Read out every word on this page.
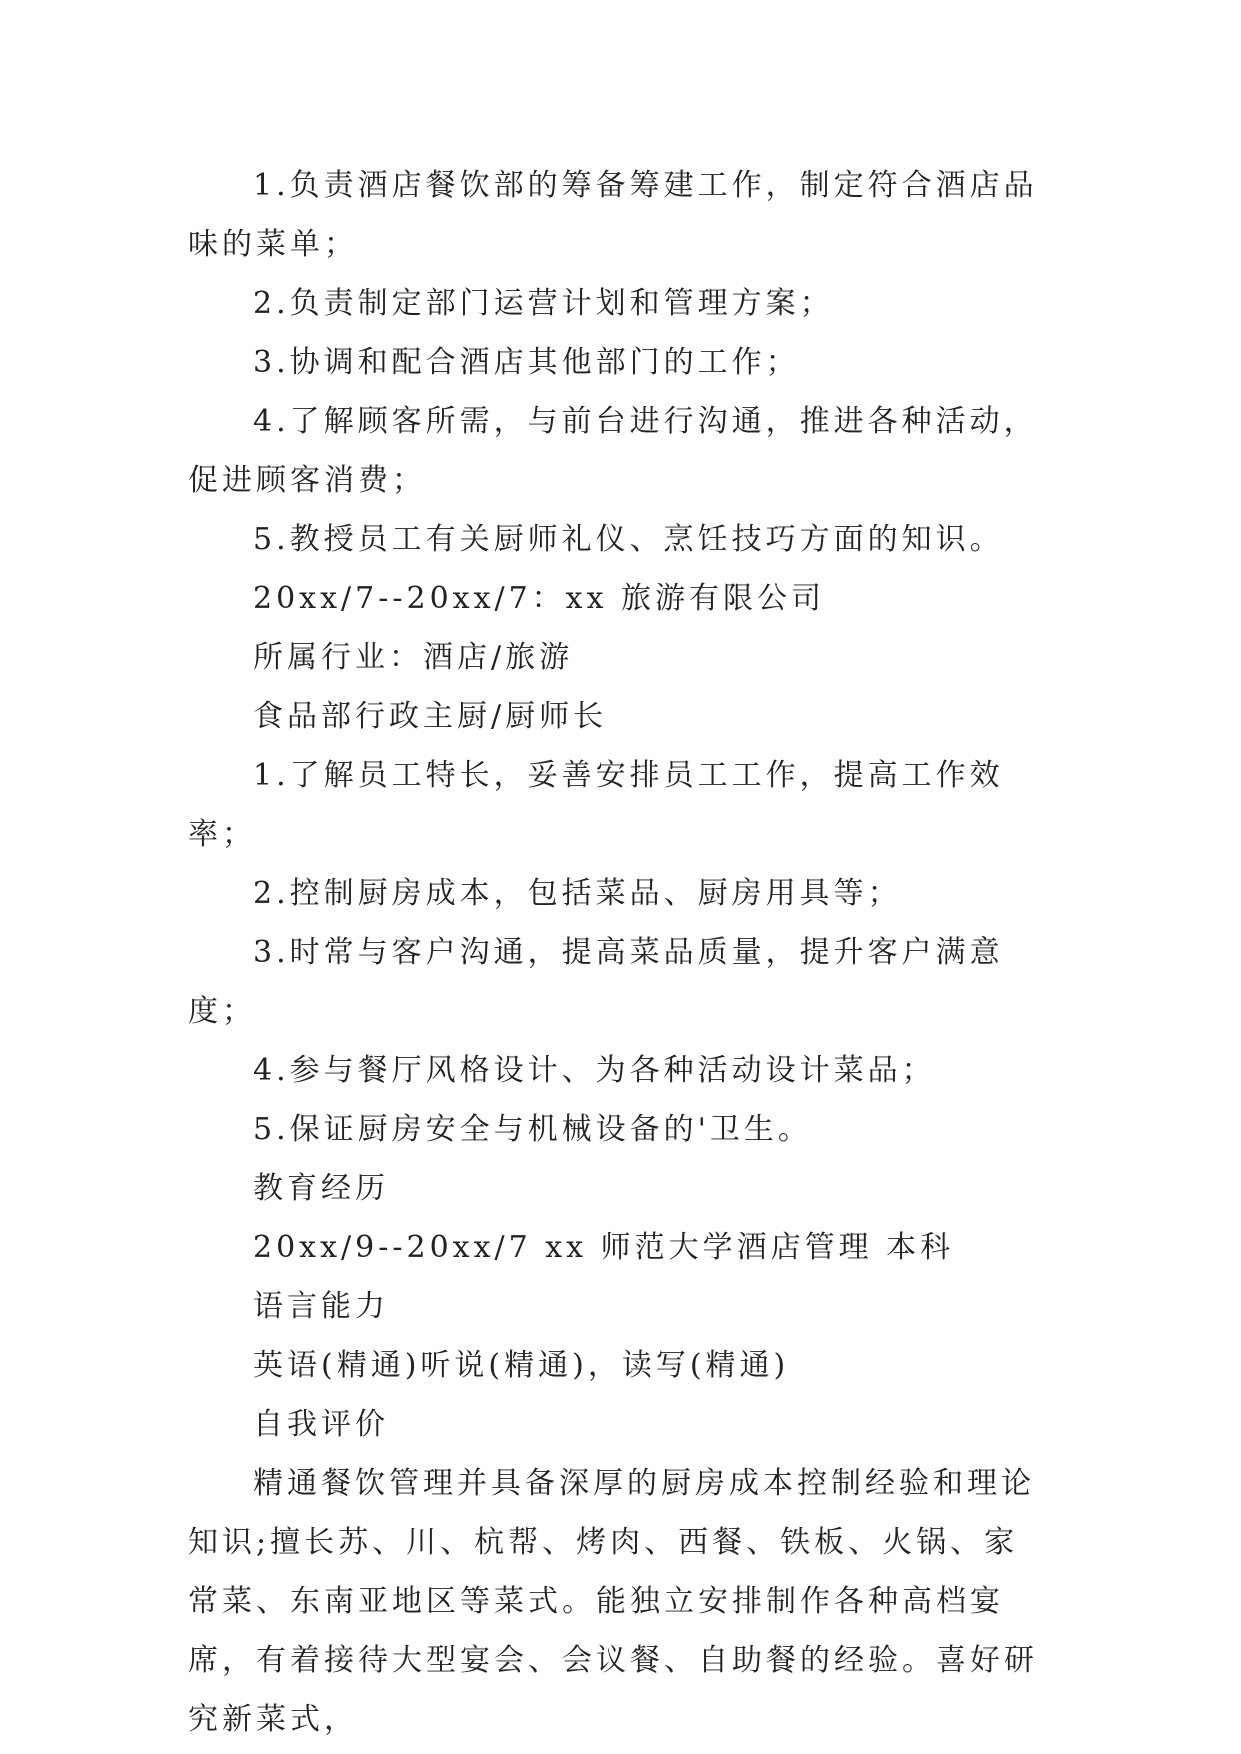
1.负责酒店餐饮部的筹备筹建工作，制定符合酒店品味的菜单；

2.负责制定部门运营计划和管理方案；

3.协调和配合酒店其他部门的工作；

4.了解顾客所需，与前台进行沟通，推进各种活动，促进顾客消费；

5.教授员工有关厨师礼仪、烹饪技巧方面的知识。

20xx/7--20xx/7：xx 旅游有限公司

所属行业：酒店/旅游

食品部行政主厨/厨师长

1.了解员工特长，妥善安排员工工作，提高工作效率；

2.控制厨房成本，包括菜品、厨房用具等；

3.时常与客户沟通，提高菜品质量，提升客户满意度；

4.参与餐厅风格设计、为各种活动设计菜品；

5.保证厨房安全与机械设备的'卫生。

教育经历

20xx/9--20xx/7 xx 师范大学酒店管理 本科

语言能力

英语(精通)听说(精通)，读写(精通)

自我评价

精通餐饮管理并具备深厚的厨房成本控制经验和理论知识;擅长苏、川、杭帮、烤肉、西餐、铁板、火锅、家常菜、东南亚地区等菜式。能独立安排制作各种高档宴席，有着接待大型宴会、会议餐、自助餐的经验。喜好研究新菜式，
